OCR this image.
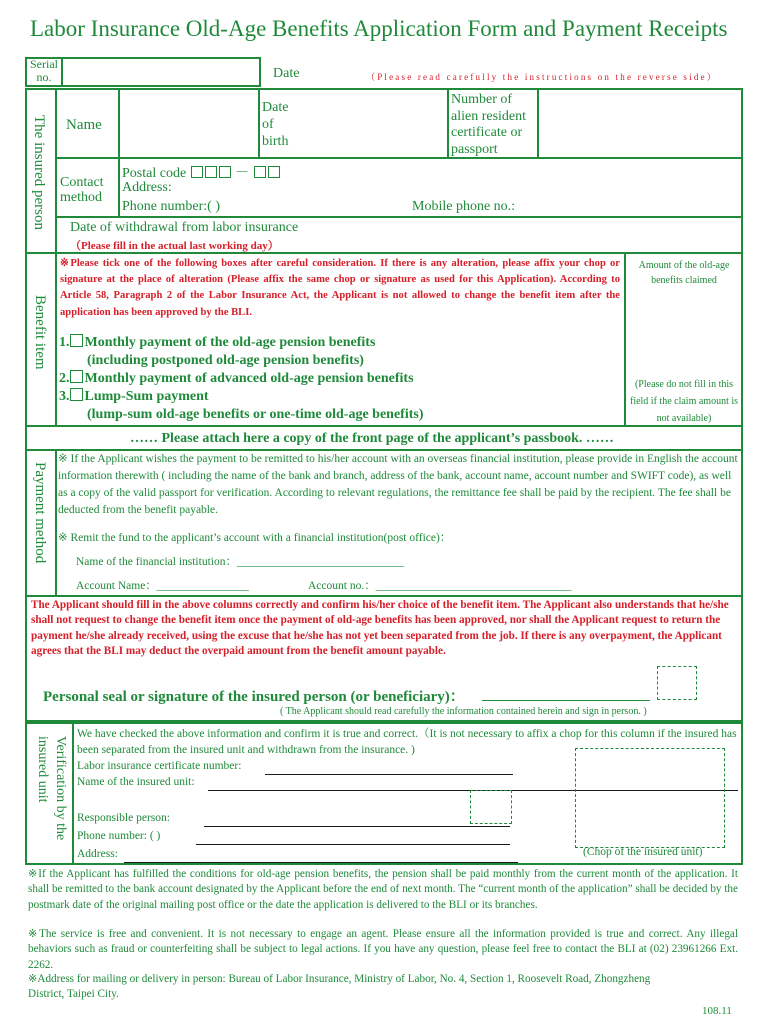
Labor Insurance Old-Age Benefits Application Form and Payment Receipts
Serial no.	Date	（Please read carefully the instructions on the reverse side）
The insured person Name
Date of birth
Number of alien resident certificate or passport
Contact method
Postal code	－
Address:
Phone number:( )	Mobile phone no.:
Date of withdrawal from labor insurance
（Please fill in the actual last working day）
Benefit item
※Please tick one of the following boxes after careful consideration. If there is any alteration, please affix your chop or signature at the place of alteration (Please affix the same chop or signature as used for this Application). According to Article 58, Paragraph 2 of the Labor Insurance Act, the Applicant is not allowed to change the benefit item after the application has been approved by the BLI.
1. Monthly payment of the old-age pension benefits
(including postponed old-age pension benefits)
2. Monthly payment of advanced old-age pension benefits
3. Lump-Sum payment
(lump-sum old-age benefits or one-time old-age benefits)
Amount of the old-age benefits claimed
(Please do not fill in this field if the claim amount is not available)
…… Please attach here a copy of the front page of the applicant’s passbook. ……
Payment method
※ If the Applicant wishes the payment to be remitted to his/her account with an overseas financial institution, please provide in English the account information therewith ( including the name of the bank and branch, address of the bank, account name, account number and SWIFT code), as well as a copy of the valid passport for verification. According to relevant regulations, the remittance fee shall be paid by the recipient. The fee shall be deducted from the benefit payable.
※ Remit the fund to the applicant’s account with a financial institution(post office)：
Name of the financial institution：_____________________________
Account Name：________________	Account no.：__________________________________
The Applicant should fill in the above columns correctly and confirm his/her choice of the benefit item. The Applicant also understands that he/she shall not request to change the benefit item once the payment of old-age benefits has been approved, nor shall the Applicant request to return the payment he/she already received, using the excuse that he/she has not yet been separated from the job. If there is any overpayment, the Applicant agrees that the BLI may deduct the overpaid amount from the benefit amount payable.
Personal seal or signature of the insured person (or beneficiary)：
( The Applicant should read carefully the information contained herein and sign in person. )
Verification by the insured unit
We have checked the above information and confirm it is true and correct.（It is not necessary to affix a chop for this column if the insured has been separated from the insured unit and withdrawn from the insurance. )
Labor insurance certificate number:
Name of the insured unit:
Responsible person:
Phone number: ( )
Address:	(Chop of the insured unit)
※If the Applicant has fulfilled the conditions for old-age pension benefits, the pension shall be paid monthly from the current month of the application. It shall be remitted to the bank account designated by the Applicant before the end of next month. The “current month of the application” shall be decided by the postmark date of the original mailing post office or the date the application is delivered to the BLI or its branches.
※The service is free and convenient. It is not necessary to engage an agent. Please ensure all the information provided is true and correct. Any illegal behaviors such as fraud or counterfeiting shall be subject to legal actions. If you have any question, please feel free to contact the BLI at (02) 23961266 Ext. 2262.
※Address for mailing or delivery in person: Bureau of Labor Insurance, Ministry of Labor, No. 4, Section 1, Roosevelt Road, Zhongzheng District, Taipei City.
108.11
